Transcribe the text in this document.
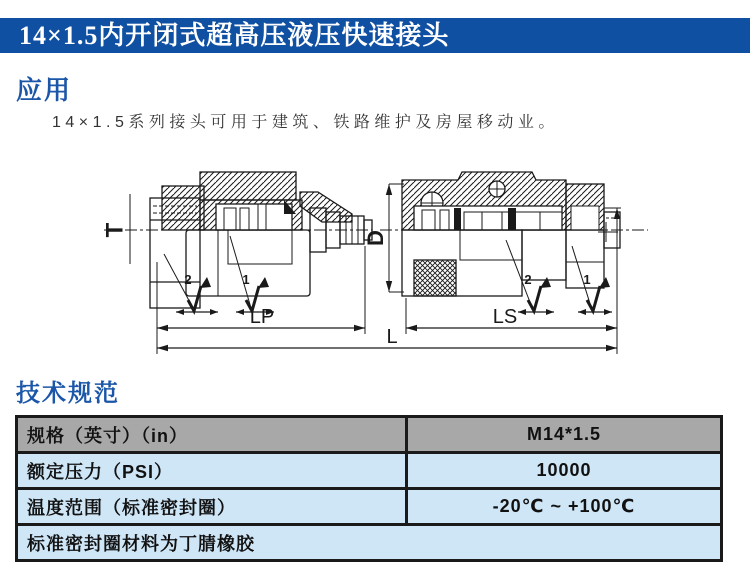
14×1.5内开闭式超高压液压快速接头
应用
14×1.5系列接头可用于建筑、铁路维护及房屋移动业。
T
2	1
LP
D
2	1
LS
L
技术规范
规格（英寸）（in）	M14*1.5
额定压力（PSI）	10000
温度范围（标准密封圈）	-20℃ ~ +100℃
标准密封圈材料为丁腈橡胶
